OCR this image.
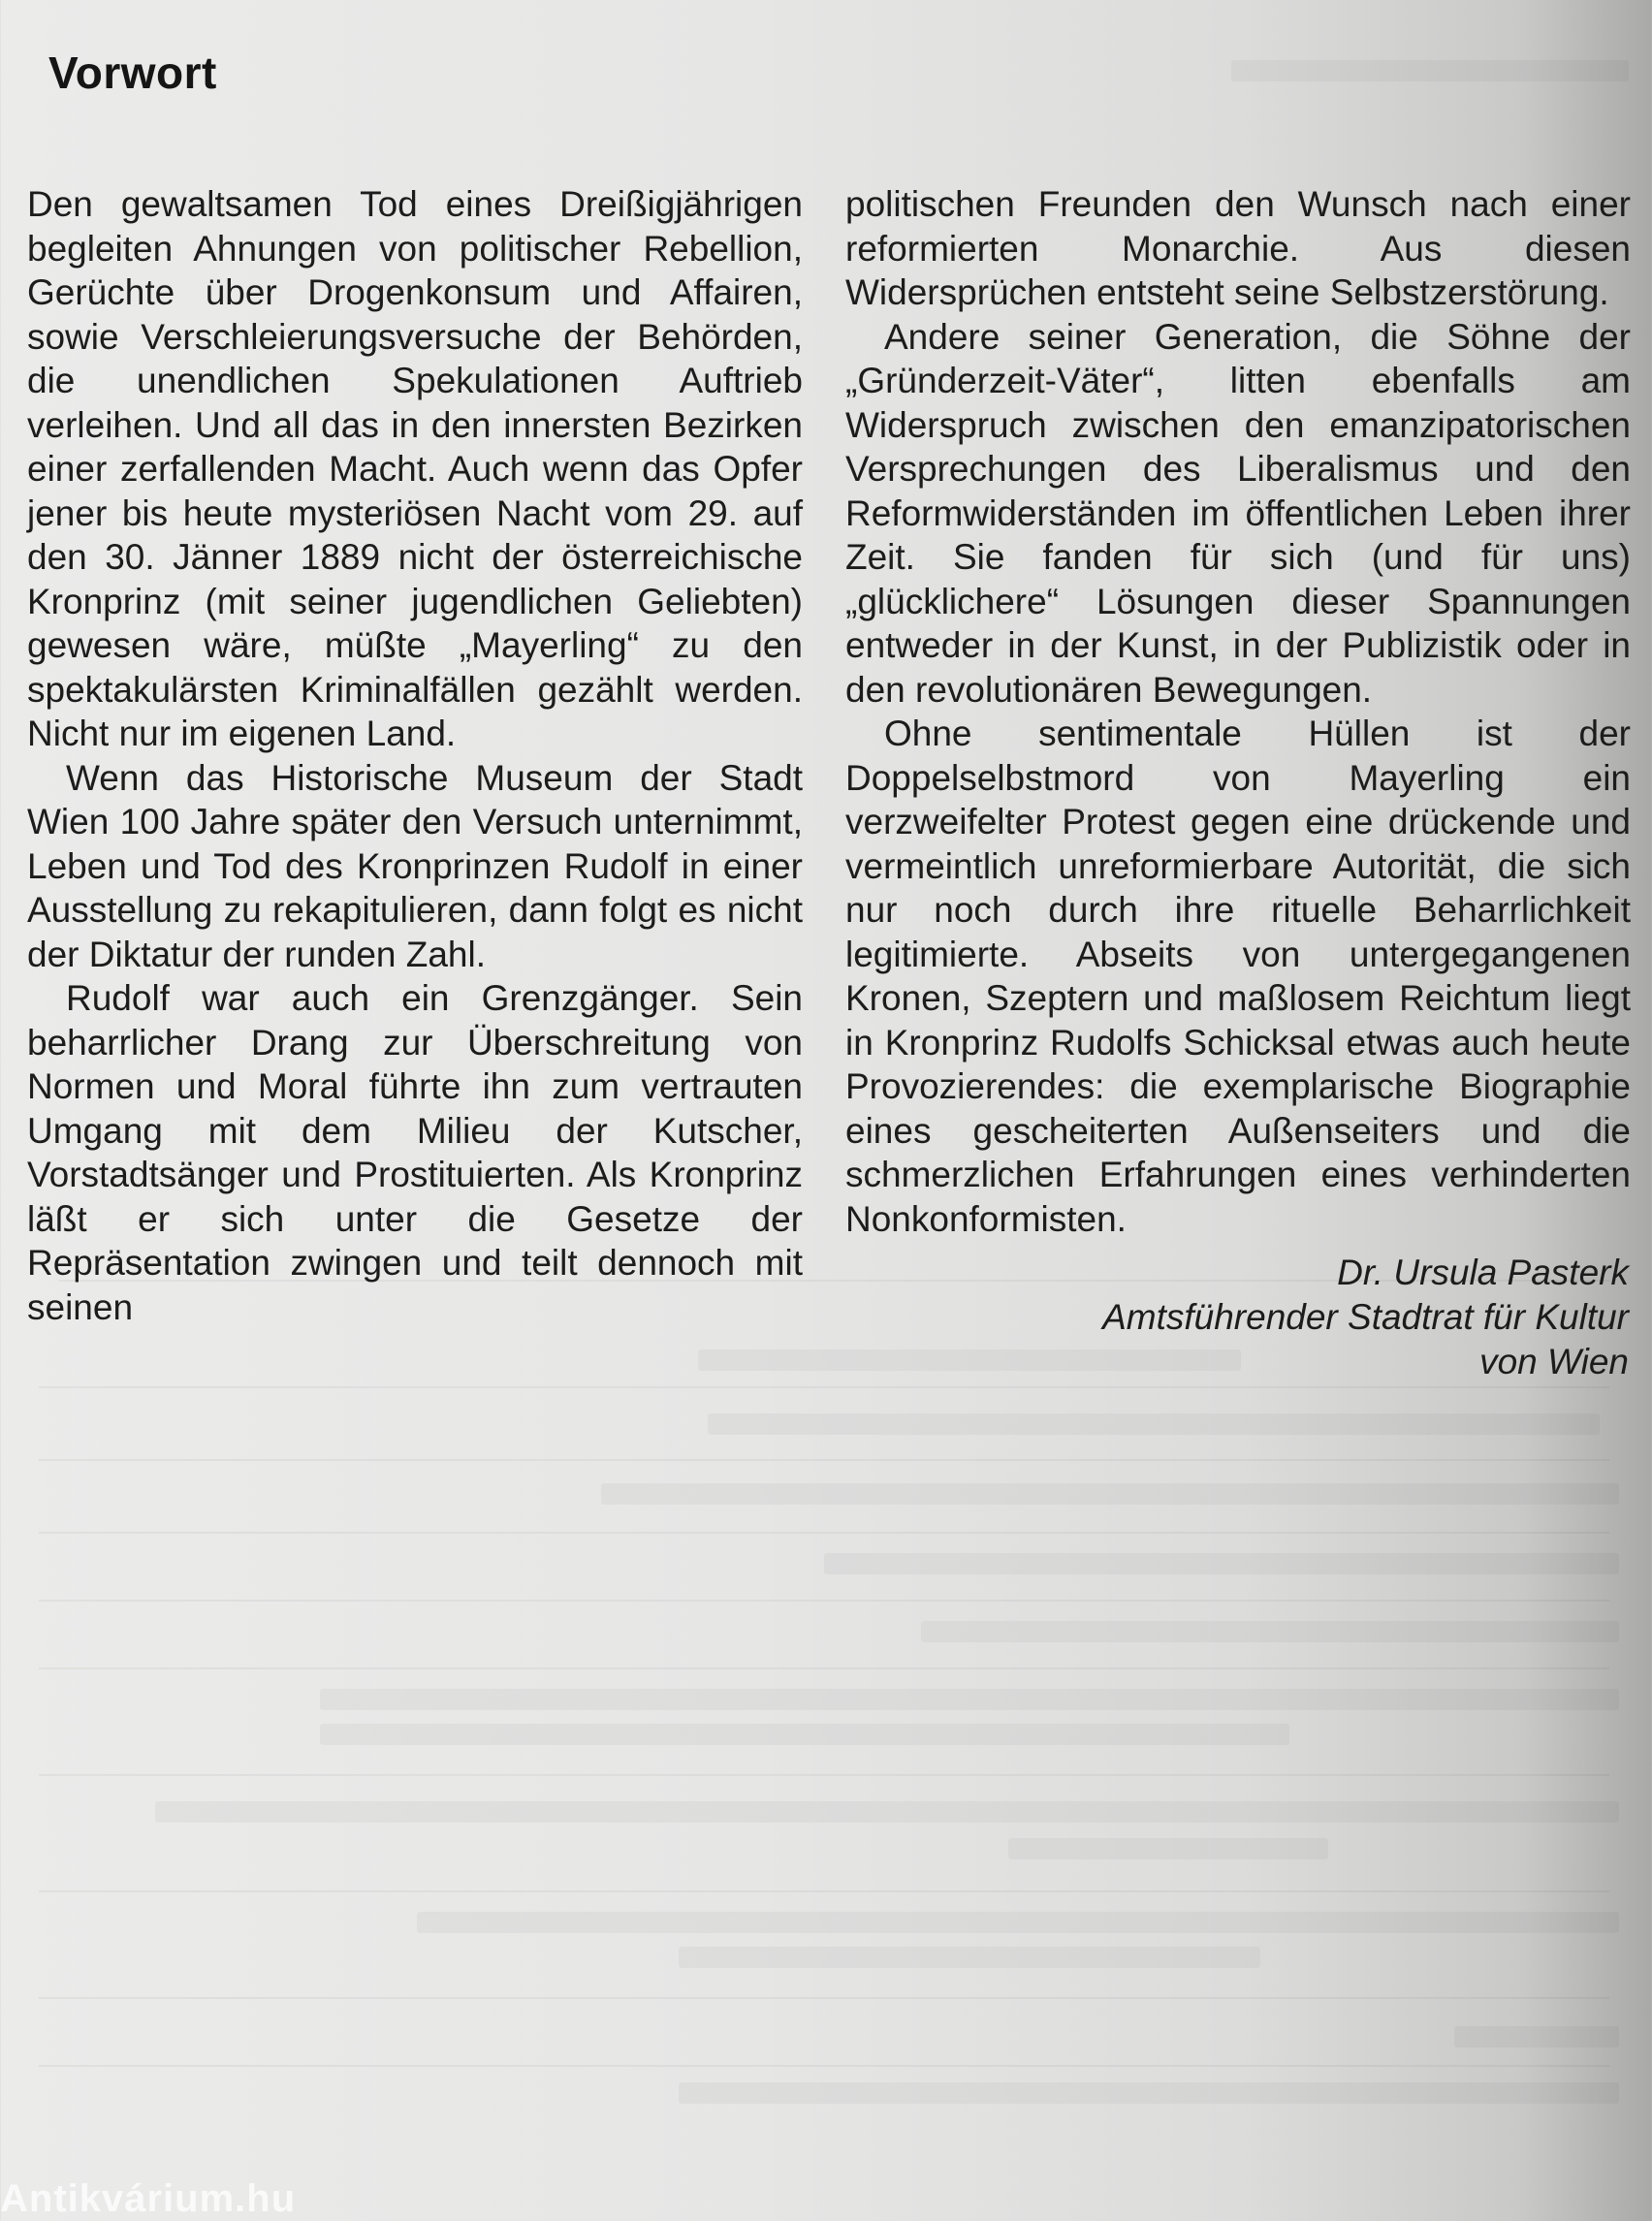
Vorwort

Den gewaltsamen Tod eines Dreißigjährigen begleiten Ahnungen von politischer Rebellion, Gerüchte über Drogenkonsum und Affairen, sowie Verschleierungsversuche der Behörden, die unendlichen Spekulationen Auftrieb verleihen. Und all das in den innersten Bezirken einer zerfallenden Macht. Auch wenn das Opfer jener bis heute mysteriösen Nacht vom 29. auf den 30. Jänner 1889 nicht der österreichische Kronprinz (mit seiner jugendlichen Geliebten) gewesen wäre, müßte „Mayerling“ zu den spektakulärsten Kriminalfällen gezählt werden. Nicht nur im eigenen Land.

Wenn das Historische Museum der Stadt Wien 100 Jahre später den Versuch unternimmt, Leben und Tod des Kronprinzen Rudolf in einer Ausstellung zu rekapitulieren, dann folgt es nicht der Diktatur der runden Zahl.

Rudolf war auch ein Grenzgänger. Sein beharrlicher Drang zur Überschreitung von Normen und Moral führte ihn zum vertrauten Umgang mit dem Milieu der Kutscher, Vorstadtsänger und Prostituierten. Als Kronprinz läßt er sich unter die Gesetze der Repräsentation zwingen und teilt dennoch mit seinen

politischen Freunden den Wunsch nach einer reformierten Monarchie. Aus diesen Widersprüchen entsteht seine Selbstzerstörung.

Andere seiner Generation, die Söhne der „Gründerzeit-Väter“, litten ebenfalls am Widerspruch zwischen den emanzipatorischen Versprechungen des Liberalismus und den Reformwiderständen im öffentlichen Leben ihrer Zeit. Sie fanden für sich (und für uns) „glücklichere“ Lösungen dieser Spannungen entweder in der Kunst, in der Publizistik oder in den revolutionären Bewegungen.

Ohne sentimentale Hüllen ist der Doppelselbstmord von Mayerling ein verzweifelter Protest gegen eine drückende und vermeintlich unreformierbare Autorität, die sich nur noch durch ihre rituelle Beharrlichkeit legitimierte. Abseits von untergegangenen Kronen, Szeptern und maßlosem Reichtum liegt in Kronprinz Rudolfs Schicksal etwas auch heute Provozierendes: die exemplarische Biographie eines gescheiterten Außenseiters und die schmerzlichen Erfahrungen eines verhinderten Nonkonformisten.

Dr. Ursula Pasterk
Amtsführender Stadtrat für Kultur
von Wien
Antikvárium.hu
